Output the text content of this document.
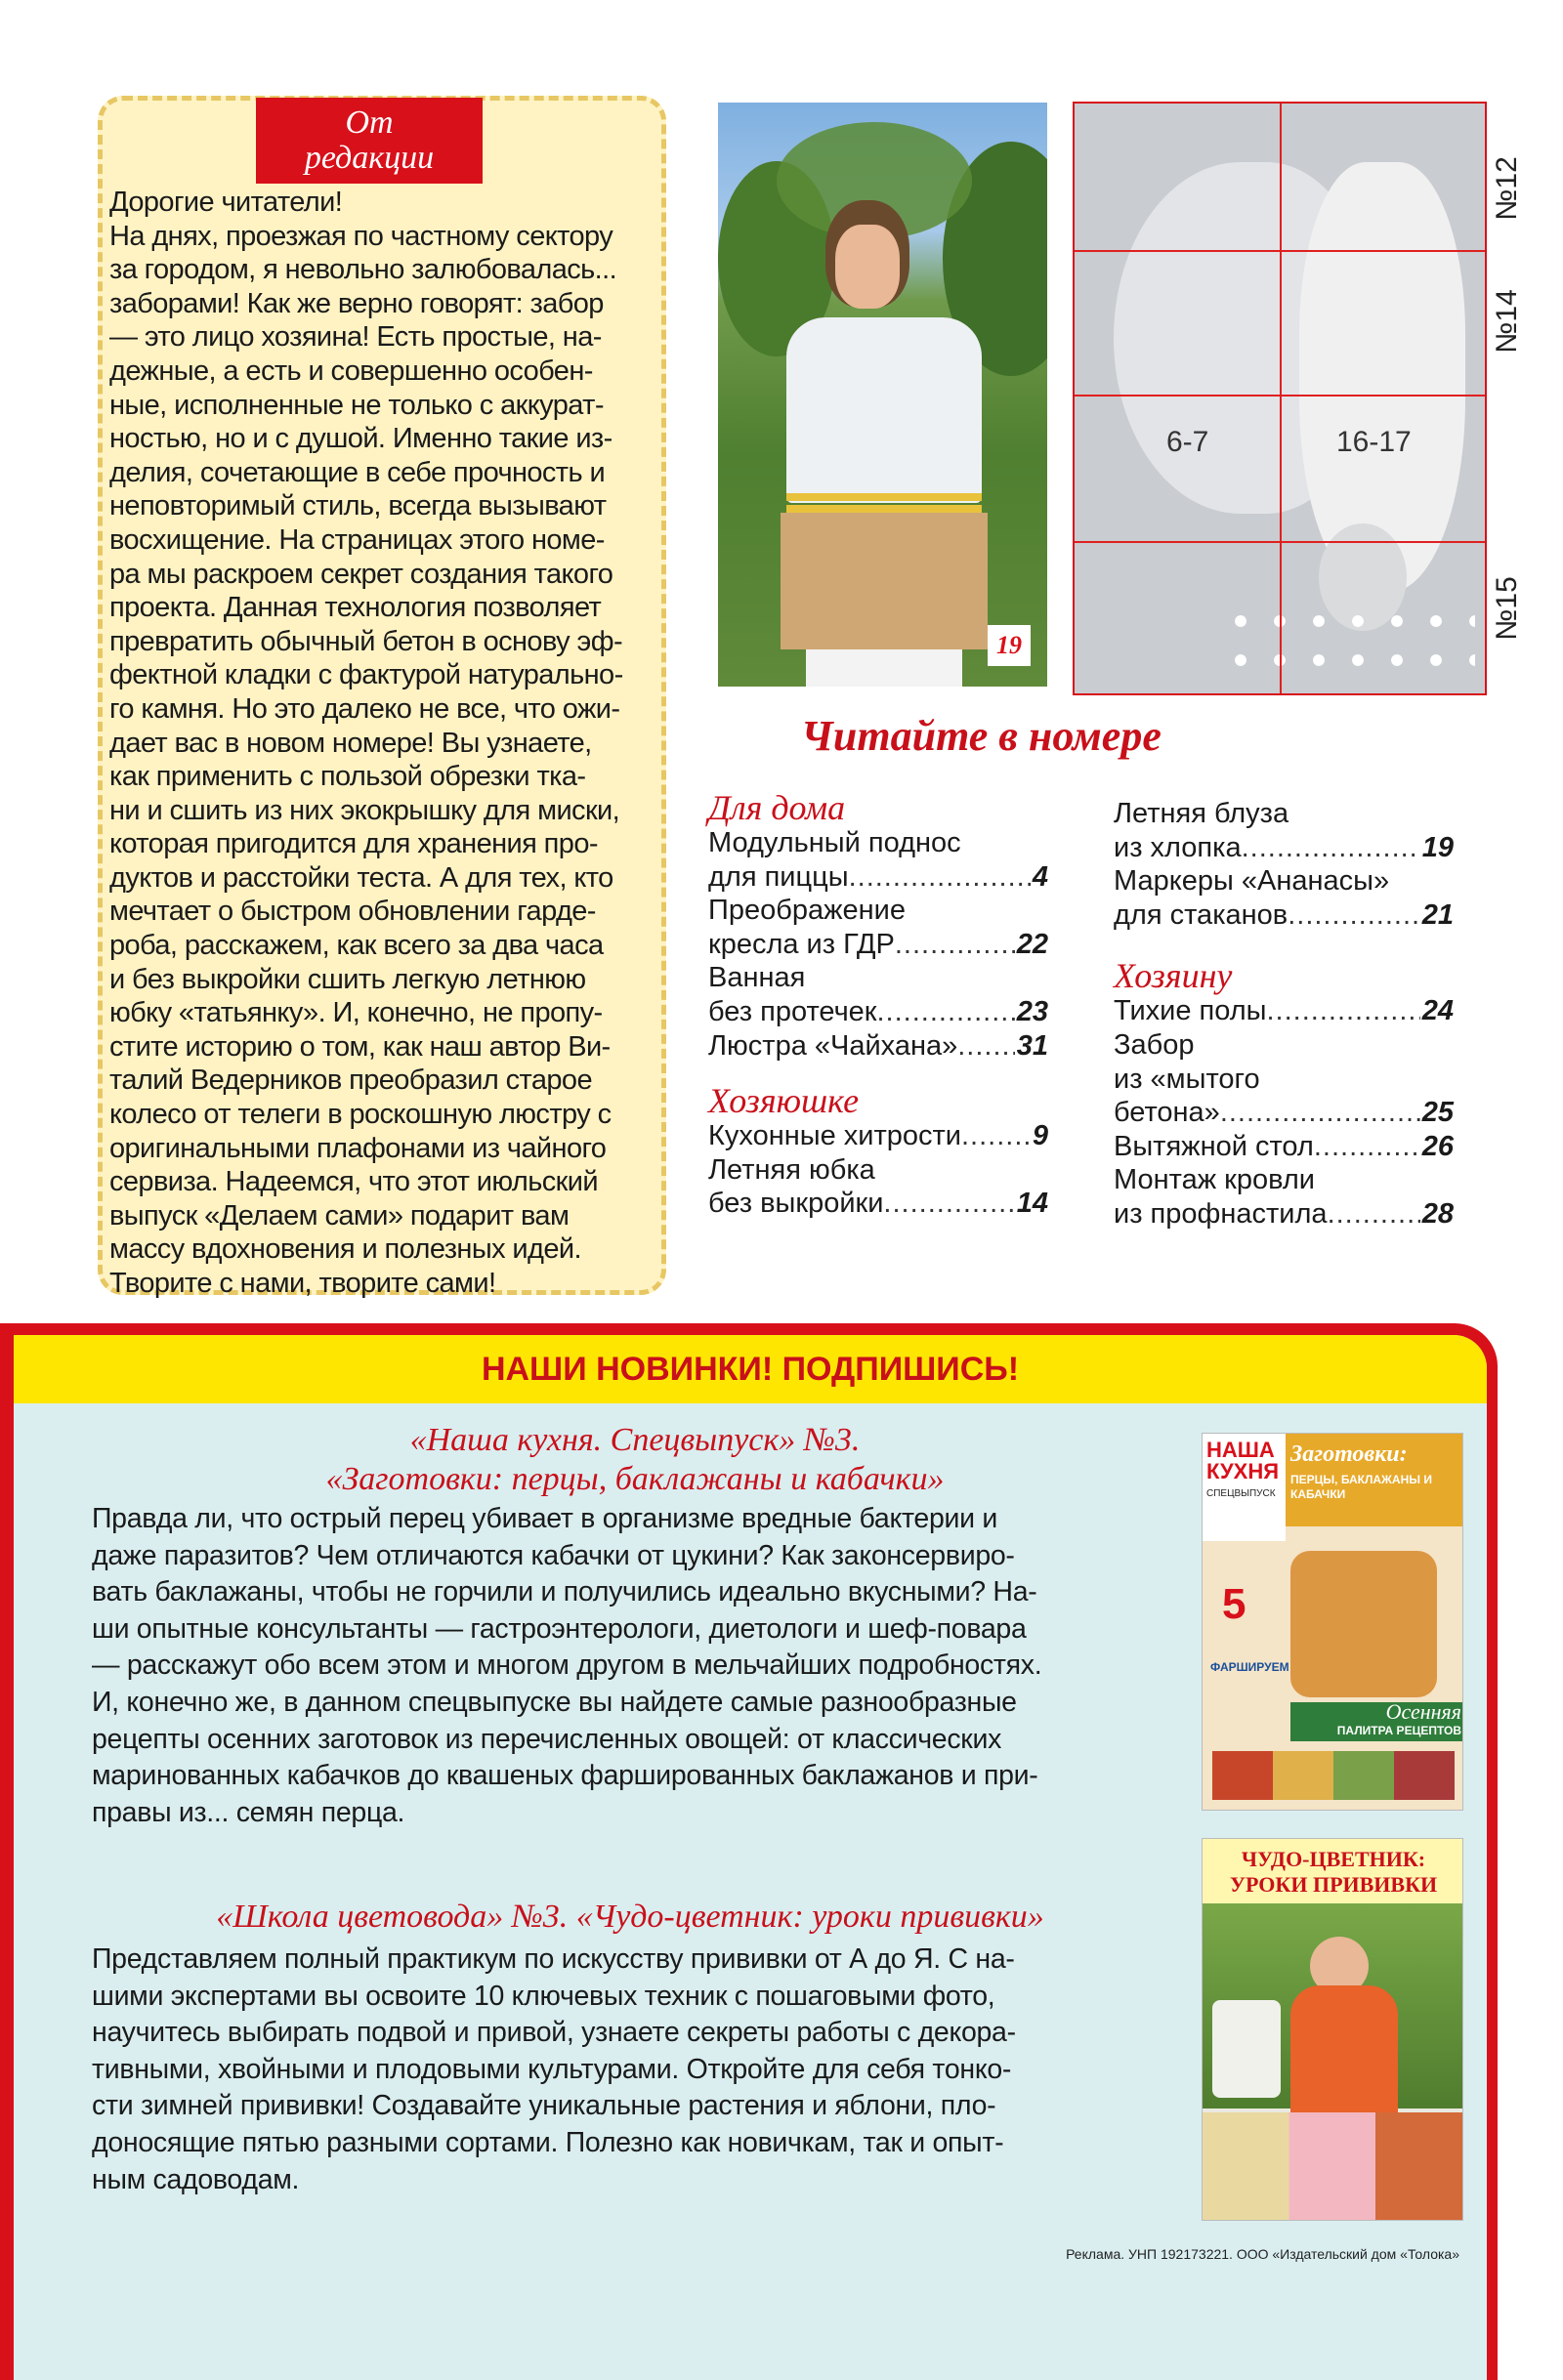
От
редакции

Дорогие читатели!

На днях, проезжая по частному сектору

за городом, я невольно залюбовалась...

заборами! Как же верно говорят: забор

— это лицо хозяина! Есть простые, на-

дежные, а есть и совершенно особен-

ные, исполненные не только с аккурат-

ностью, но и с душой. Именно такие из-

делия, сочетающие в себе прочность и

неповторимый стиль, всегда вызывают

восхищение. На страницах этого номе-

ра мы раскроем секрет создания такого

проекта. Данная технология позволяет

превратить обычный бетон в основу эф-

фектной кладки с фактурой натурально-

го камня. Но это далеко не все, что ожи-

дает вас в новом номере! Вы узнаете,

как применить с пользой обрезки тка-

ни и сшить из них экокрышку для миски,

которая пригодится для хранения про-

дуктов и расстойки теста. А для тех, кто

мечтает о быстром обновлении гарде-

роба, расскажем, как всего за два часа

и без выкройки сшить легкую летнюю

юбку «татьянку». И, конечно, не пропу-

стите историю о том, как наш автор Ви-

талий Ведерников преобразил старое

колесо от телеги в роскошную люстру с

оригинальными плафонами из чайного

сервиза. Надеемся, что этот июльский

выпуск «Делаем сами» подарит вам

массу вдохновения и полезных идей.

Творите с нами, творите сами!

19
6-7	16-17
№12
№14
№15
Читайте в номере
Для дома
Модульный поднос
для пиццы .....	4
Преображение
кресла из ГДР .....	22
Ванная
без протечек .....	23
Люстра «Чайхана» ..... 31
Хозяюшке
Кухонные хитрости .....	9
Летняя юбка
без выкройки .....	14
Летняя блуза
из хлопка .....	19
Маркеры «Ананасы»
для стаканов .....	21
Хозяину
Тихие полы .....	24
Забор
из «мытого
бетона» .....	25
Вытяжной стол .....	26
Монтаж кровли
из профнастила .....	28
НАШИ НОВИНКИ! ПОДПИШИСЬ!
«Наша кухня. Спецвыпуск» №3.
«Заготовки: перцы, баклажаны и кабачки»

Правда ли, что острый перец убивает в организме вредные бактерии и

даже паразитов? Чем отличаются кабачки от цукини? Как законсервиро-

вать баклажаны, чтобы не горчили и получились идеально вкусными? На-

ши опытные консультанты — гастроэнтерологи, диетологи и шеф-повара

— расскажут обо всем этом и многом другом в мельчайших подробностях.

И, конечно же, в данном спецвыпуске вы найдете самые разнообразные

рецепты осенних заготовок из перечисленных овощей: от классических

маринованных кабачков до квашеных фаршированных баклажанов и при-

правы из... семян перца.

«Школа цветовода» №3. «Чудо-цветник: уроки прививки»

Представляем полный практикум по искусству прививки от А до Я. С на-

шими экспертами вы освоите 10 ключевых техник с пошаговыми фото,

научитесь выбирать подвой и привой, узнаете секреты работы с декора-

тивными, хвойными и плодовыми культурами. Откройте для себя тонко-

сти зимней прививки! Создавайте уникальные растения и яблони, пло-

доносящие пятью разными сортами. Полезно как новичкам, так и опыт-

ным садоводам.

НАША КУХНЯ
СПЕЦВЫПУСК
Заготовки:
ПЕРЦЫ, БАКЛАЖАНЫ И КАБАЧКИ
5
ФАРШИРУЕМ
Осенняя
ПАЛИТРА РЕЦЕПТОВ
ЧУДО-ЦВЕТНИК:
УРОКИ ПРИВИВКИ
Реклама. УНП 192173221. ООО «Издательский дом «Толока»
